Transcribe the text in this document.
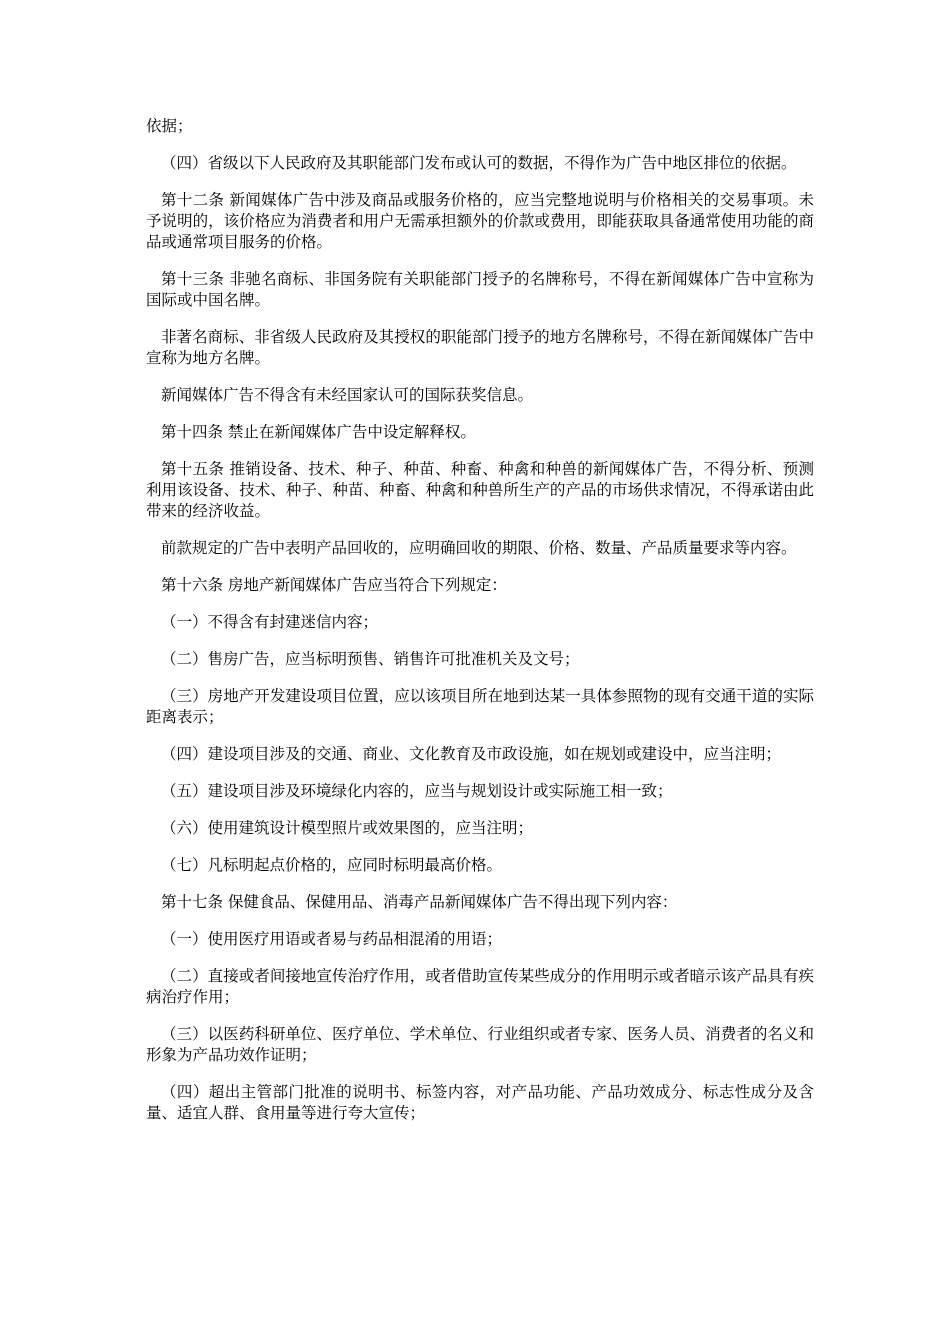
依据；

（四）省级以下人民政府及其职能部门发布或认可的数据，不得作为广告中地区排位的依据。

第十二条 新闻媒体广告中涉及商品或服务价格的，应当完整地说明与价格相关的交易事项。未予说明的，该价格应为消费者和用户无需承担额外的价款或费用，即能获取具备通常使用功能的商品或通常项目服务的价格。

第十三条 非驰名商标、非国务院有关职能部门授予的名牌称号，不得在新闻媒体广告中宣称为国际或中国名牌。

非著名商标、非省级人民政府及其授权的职能部门授予的地方名牌称号，不得在新闻媒体广告中宣称为地方名牌。

新闻媒体广告不得含有未经国家认可的国际获奖信息。

第十四条 禁止在新闻媒体广告中设定解释权。

第十五条 推销设备、技术、种子、种苗、种畜、种禽和种兽的新闻媒体广告，不得分析、预测利用该设备、技术、种子、种苗、种畜、种禽和种兽所生产的产品的市场供求情况，不得承诺由此带来的经济收益。

前款规定的广告中表明产品回收的，应明确回收的期限、价格、数量、产品质量要求等内容。

第十六条 房地产新闻媒体广告应当符合下列规定：

（一）不得含有封建迷信内容；

（二）售房广告，应当标明预售、销售许可批准机关及文号；

（三）房地产开发建设项目位置，应以该项目所在地到达某一具体参照物的现有交通干道的实际距离表示；

（四）建设项目涉及的交通、商业、文化教育及市政设施，如在规划或建设中，应当注明；

（五）建设项目涉及环境绿化内容的，应当与规划设计或实际施工相一致；

（六）使用建筑设计模型照片或效果图的，应当注明；

（七）凡标明起点价格的，应同时标明最高价格。

第十七条 保健食品、保健用品、消毒产品新闻媒体广告不得出现下列内容：

（一）使用医疗用语或者易与药品相混淆的用语；

（二）直接或者间接地宣传治疗作用，或者借助宣传某些成分的作用明示或者暗示该产品具有疾病治疗作用；

（三）以医药科研单位、医疗单位、学术单位、行业组织或者专家、医务人员、消费者的名义和形象为产品功效作证明；

（四）超出主管部门批准的说明书、标签内容，对产品功能、产品功效成分、标志性成分及含量、适宜人群、食用量等进行夸大宣传；
